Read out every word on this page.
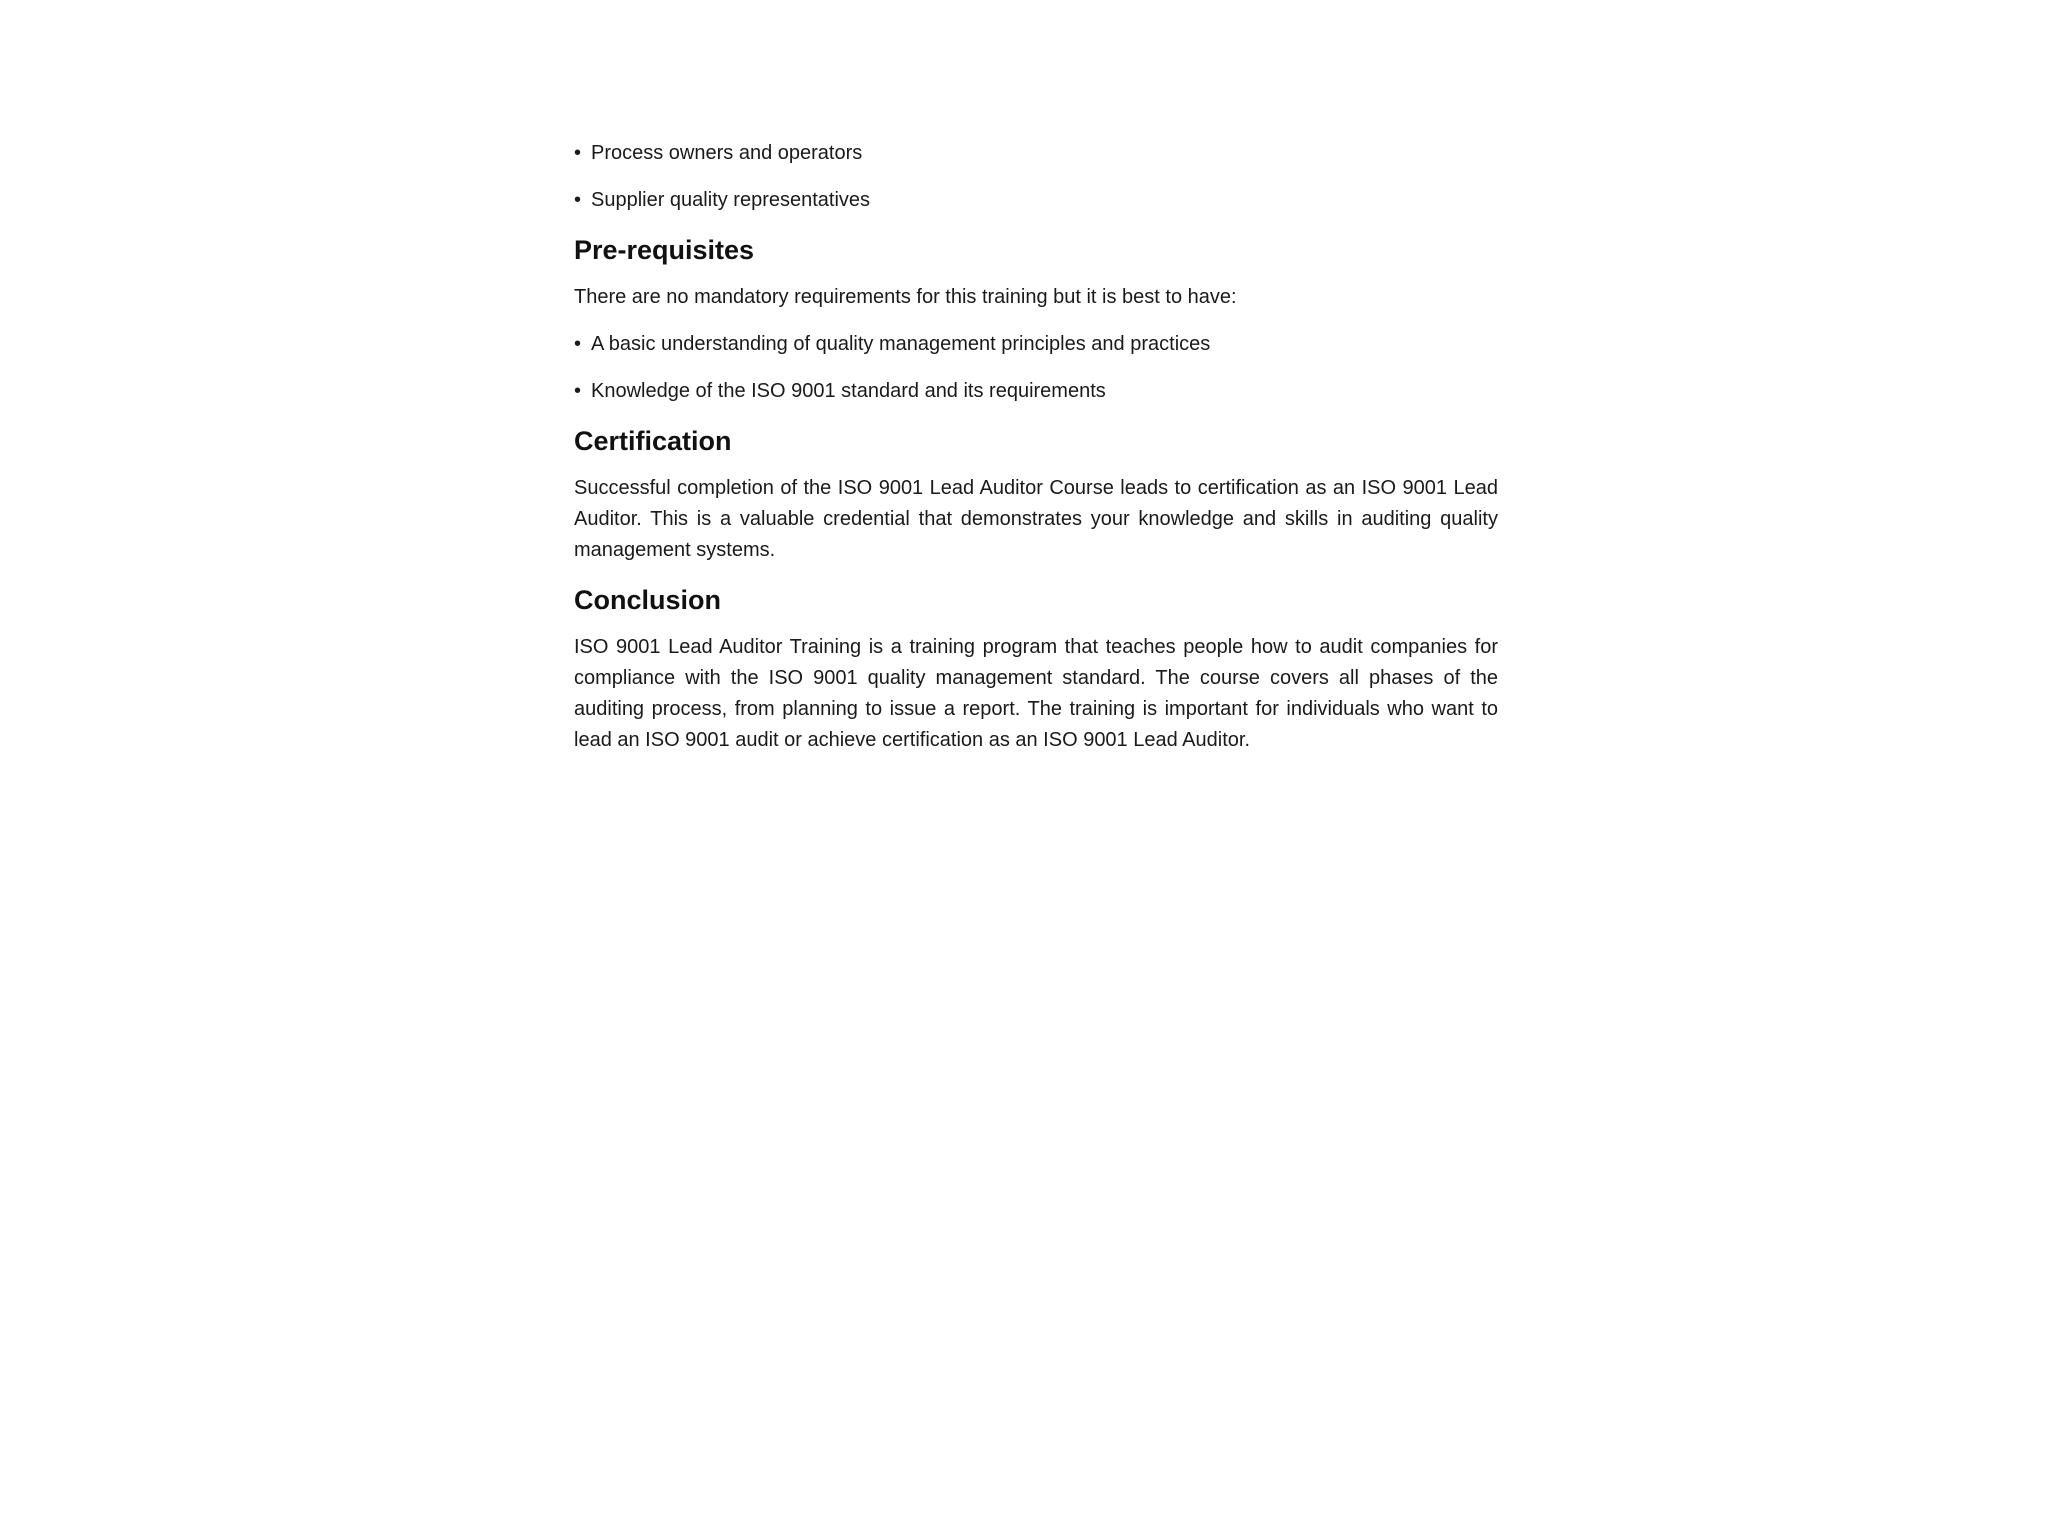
• Process owners and operators
• Supplier quality representatives
Pre-requisites

There are no mandatory requirements for this training but it is best to have:

• A basic understanding of quality management principles and practices
• Knowledge of the ISO 9001 standard and its requirements
Certification

Successful completion of the ISO 9001 Lead Auditor Course leads to certification as an ISO 9001 Lead Auditor. This is a valuable credential that demonstrates your knowledge and skills in auditing quality management systems.

Conclusion

ISO 9001 Lead Auditor Training is a training program that teaches people how to audit companies for compliance with the ISO 9001 quality management standard. The course covers all phases of the auditing process, from planning to issue a report. The training is important for individuals who want to lead an ISO 9001 audit or achieve certification as an ISO 9001 Lead Auditor.
